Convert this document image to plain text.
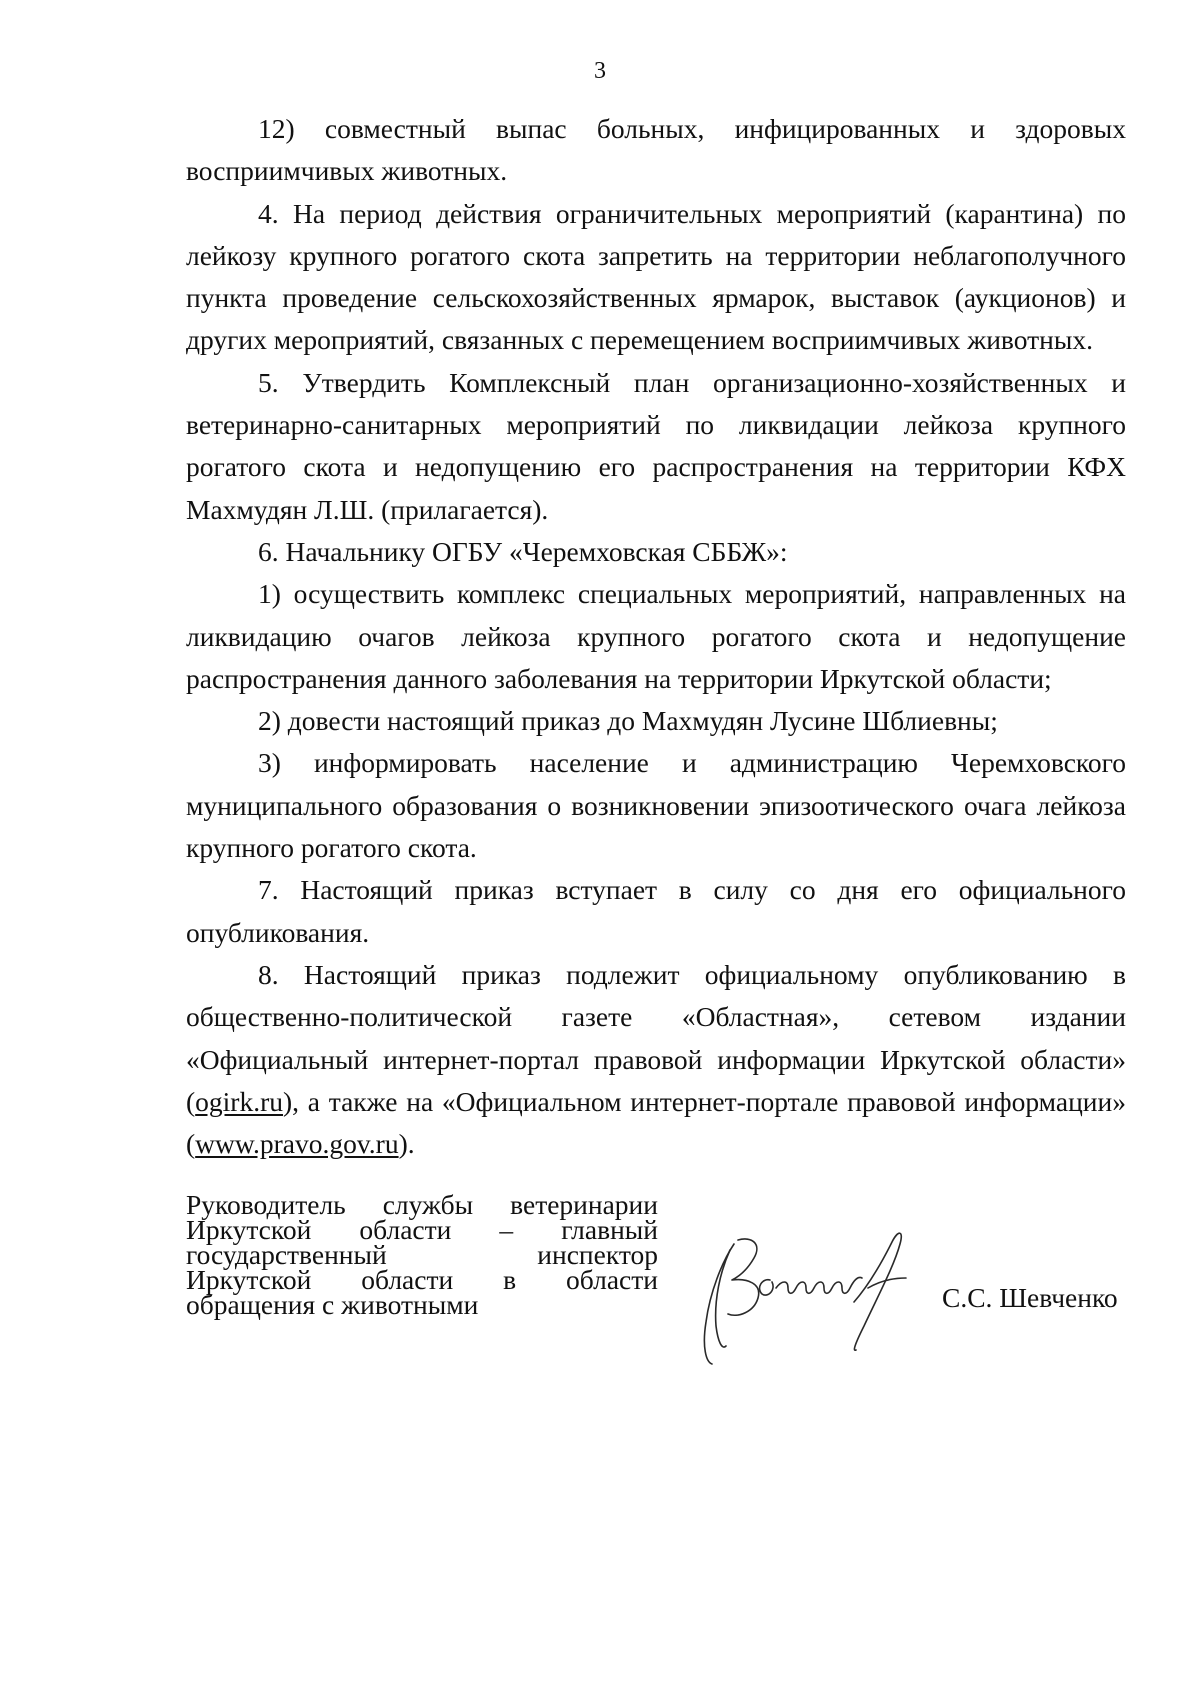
3

12) совместный выпас больных, инфицированных и здоровых восприимчивых животных.

4. На период действия ограничительных мероприятий (карантина) по лейкозу крупного рогатого скота запретить на территории неблагополучного пункта проведение сельскохозяйственных ярмарок, выставок (аукционов) и других мероприятий, связанных с перемещением восприимчивых животных.

5. Утвердить Комплексный план организационно-хозяйственных и ветеринарно-санитарных мероприятий по ликвидации лейкоза крупного рогатого скота и недопущению его распространения на территории КФХ Махмудян Л.Ш. (прилагается).

6. Начальнику ОГБУ «Черемховская СББЖ»:

1) осуществить комплекс специальных мероприятий, направленных на ликвидацию очагов лейкоза крупного рогатого скота и недопущение распространения данного заболевания на территории Иркутской области;

2) довести настоящий приказ до Махмудян Лусине Шблиевны;

3) информировать население и администрацию Черемховского муниципального образования о возникновении эпизоотического очага лейкоза крупного рогатого скота.

7. Настоящий приказ вступает в силу со дня его официального опубликования.

8. Настоящий приказ подлежит официальному опубликованию в общественно-политической газете «Областная», сетевом издании «Официальный интернет-портал правовой информации Иркутской области» (ogirk.ru), а также на «Официальном интернет-портале правовой информации» (www.pravo.gov.ru).

Руководитель службы ветеринарии
Иркутской области – главный
государственный инспектор
Иркутской области в области
обращения с животными	С.С. Шевченко
